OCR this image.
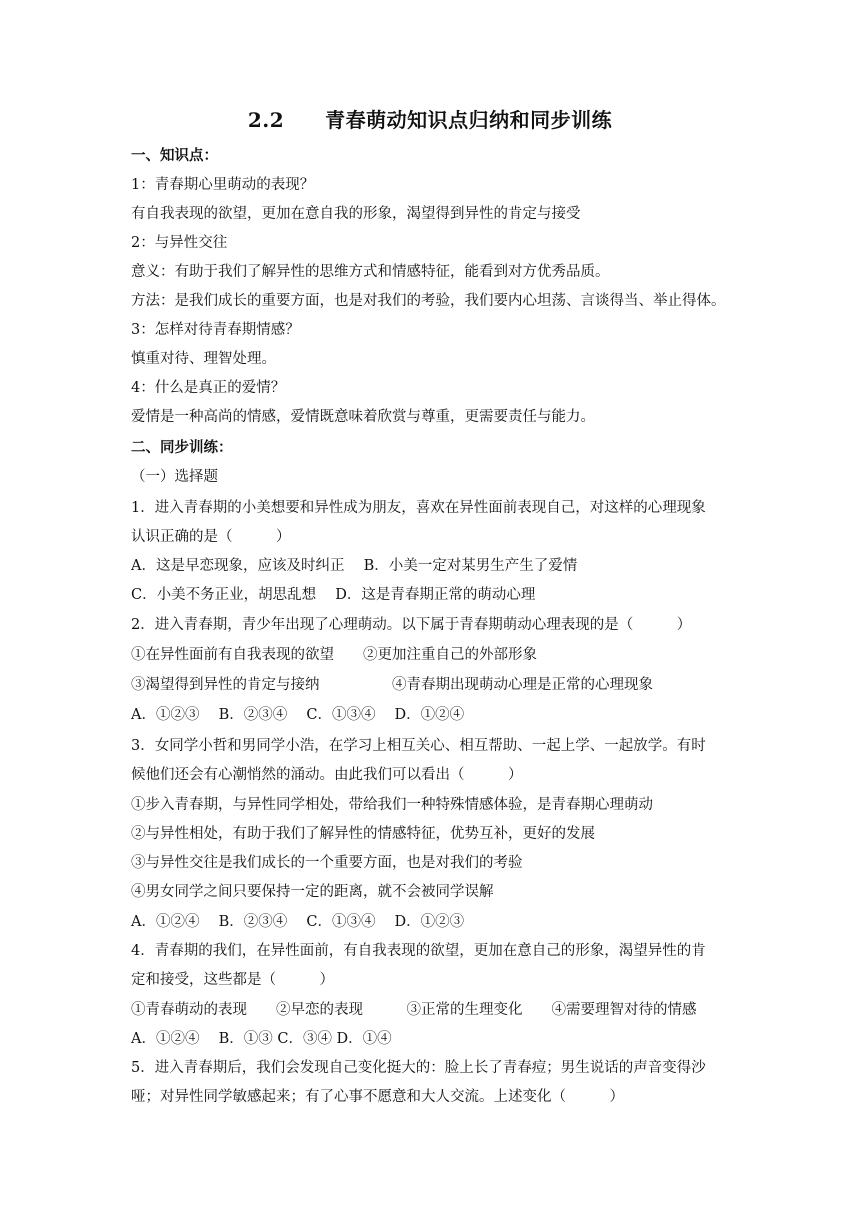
2.2　　青春萌动知识点归纳和同步训练
一、知识点：
1：青春期心里萌动的表现？
有自我表现的欲望，更加在意自我的形象，渴望得到异性的肯定与接受
2：与异性交往
意义：有助于我们了解异性的思维方式和情感特征，能看到对方优秀品质。
方法：是我们成长的重要方面，也是对我们的考验，我们要内心坦荡、言谈得当、举止得体。
3：怎样对待青春期情感？
慎重对待、理智处理。
4：什么是真正的爱情？
爱情是一种高尚的情感，爱情既意味着欣赏与尊重，更需要责任与能力。
二、同步训练：
（一）选择题
1．进入青春期的小美想要和异性成为朋友，喜欢在异性面前表现自己，对这样的心理现象
认识正确的是（　　　）
A．这是早恋现象，应该及时纠正　 B．小美一定对某男生产生了爱情
C．小美不务正业，胡思乱想　 D．这是青春期正常的萌动心理
2．进入青春期，青少年出现了心理萌动。以下属于青春期萌动心理表现的是（　　　）
①在异性面前有自我表现的欲望　　②更加注重自己的外部形象
③渴望得到异性的肯定与接纳　　　　　④青春期出现萌动心理是正常的心理现象
A．①②③　 B．②③④　 C．①③④　 D．①②④
3．女同学小哲和男同学小浩，在学习上相互关心、相互帮助、一起上学、一起放学。有时
候他们还会有心潮悄然的涌动。由此我们可以看出（　　　）
①步入青春期，与异性同学相处，带给我们一种特殊情感体验，是青春期心理萌动
②与异性相处，有助于我们了解异性的情感特征，优势互补，更好的发展
③与异性交往是我们成长的一个重要方面，也是对我们的考验
④男女同学之间只要保持一定的距离，就不会被同学误解
A．①②④　 B．②③④　 C．①③④　 D．①②③
4．青春期的我们，在异性面前，有自我表现的欲望，更加在意自己的形象，渴望异性的肯
定和接受，这些都是（　　　）
①青春萌动的表现　　②早恋的表现　　　③正常的生理变化　　④需要理智对待的情感
A．①②④　 B．①③ C．③④ D．①④
5．进入青春期后，我们会发现自己变化挺大的：脸上长了青春痘；男生说话的声音变得沙
哑；对异性同学敏感起来；有了心事不愿意和大人交流。上述变化（　　　）
